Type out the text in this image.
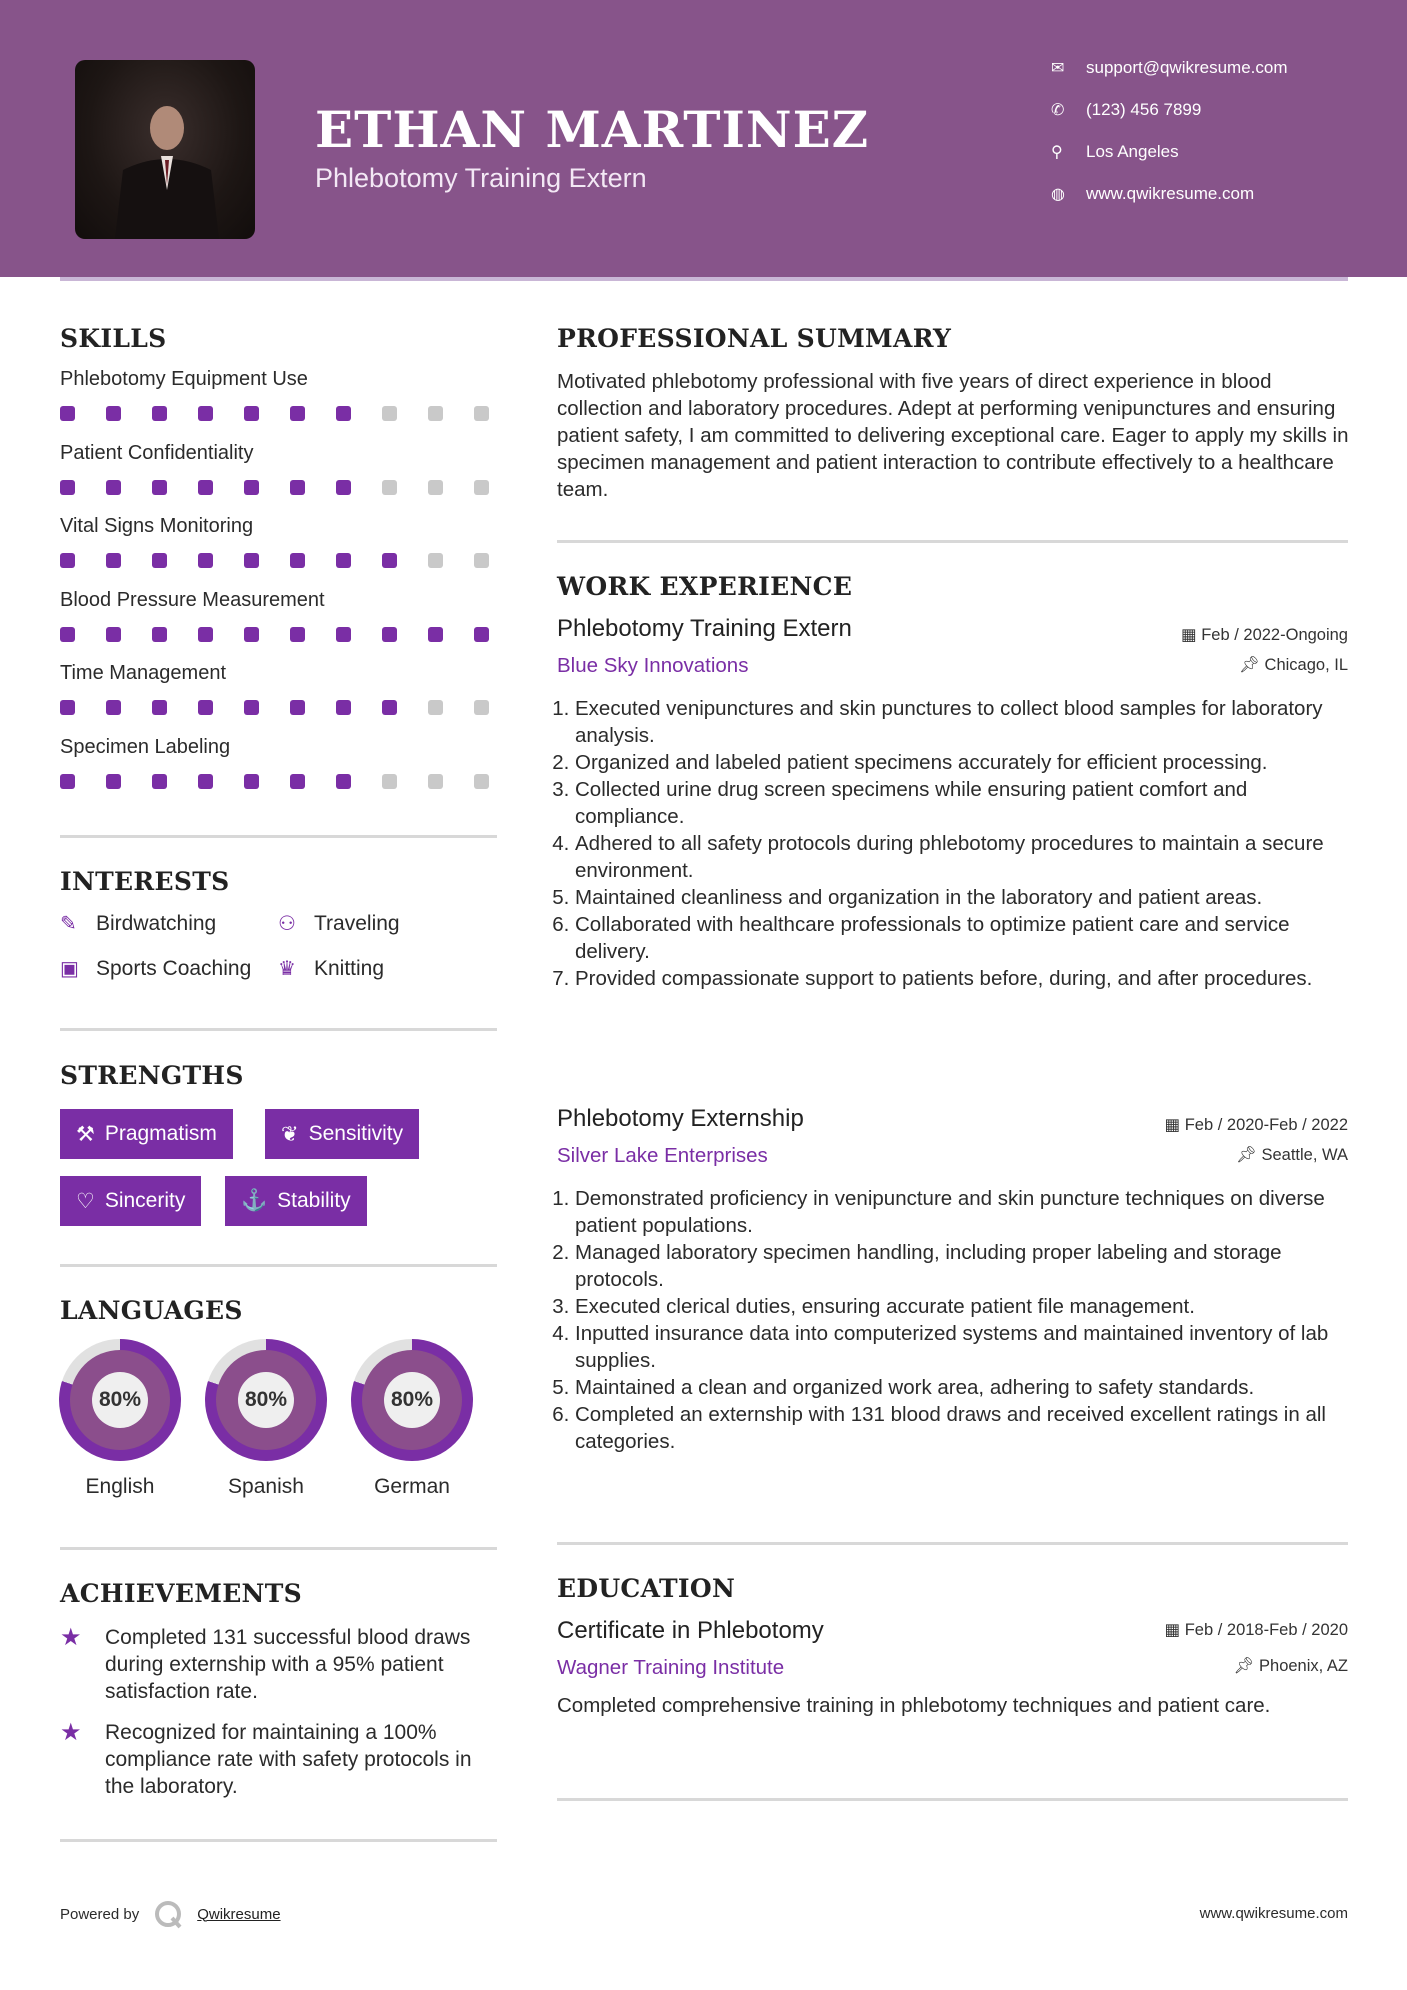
ETHAN MARTINEZ
Phlebotomy Training Extern
✉	support@qwikresume.com
✆	(123) 456 7899
⚲	Los Angeles
◍	www.qwikresume.com
SKILLS
Phlebotomy Equipment Use
Patient Confidentiality
Vital Signs Monitoring
Blood Pressure Measurement
Time Management
Specimen Labeling
INTERESTS
✎ Birdwatching	⚇ Traveling
▣ Sports Coaching ♛ Knitting
STRENGTHS
⚒ Pragmatism	❦ Sensitivity
♡ Sincerity	⚓ Stability
LANGUAGES
80%
English
80%
Spanish
80%
German
ACHIEVEMENTS
★	Completed 131 successful blood draws during externship with a 95% patient satisfaction rate.
★	Recognized for maintaining a 100% compliance rate with safety protocols in the laboratory.
PROFESSIONAL SUMMARY
Motivated phlebotomy professional with five years of direct experience in blood collection and laboratory procedures. Adept at performing venipunctures and ensuring patient safety, I am committed to delivering exceptional care. Eager to apply my skills in specimen management and patient interaction to contribute effectively to a healthcare team.
WORK EXPERIENCE
Phlebotomy Training Extern	▦ Feb / 2022-Ongoing
Blue Sky Innovations	📌︎ Chicago, IL
1. Executed venipunctures and skin punctures to collect blood samples for laboratory analysis.
2. Organized and labeled patient specimens accurately for efficient processing.
3. Collected urine drug screen specimens while ensuring patient comfort and compliance.
4. Adhered to all safety protocols during phlebotomy procedures to maintain a secure environment.
5. Maintained cleanliness and organization in the laboratory and patient areas.
6. Collaborated with healthcare professionals to optimize patient care and service delivery.
7. Provided compassionate support to patients before, during, and after procedures.
Phlebotomy Externship	▦ Feb / 2020-Feb / 2022
Silver Lake Enterprises	📌︎ Seattle, WA
1. Demonstrated proficiency in venipuncture and skin puncture techniques on diverse patient populations.
2. Managed laboratory specimen handling, including proper labeling and storage protocols.
3. Executed clerical duties, ensuring accurate patient file management.
4. Inputted insurance data into computerized systems and maintained inventory of lab supplies.
5. Maintained a clean and organized work area, adhering to safety standards.
6. Completed an externship with 131 blood draws and received excellent ratings in all categories.
EDUCATION
Certificate in Phlebotomy	▦ Feb / 2018-Feb / 2020
Wagner Training Institute	📌︎ Phoenix, AZ
Completed comprehensive training in phlebotomy techniques and patient care.
Powered by	Qwikresume	www.qwikresume.com
